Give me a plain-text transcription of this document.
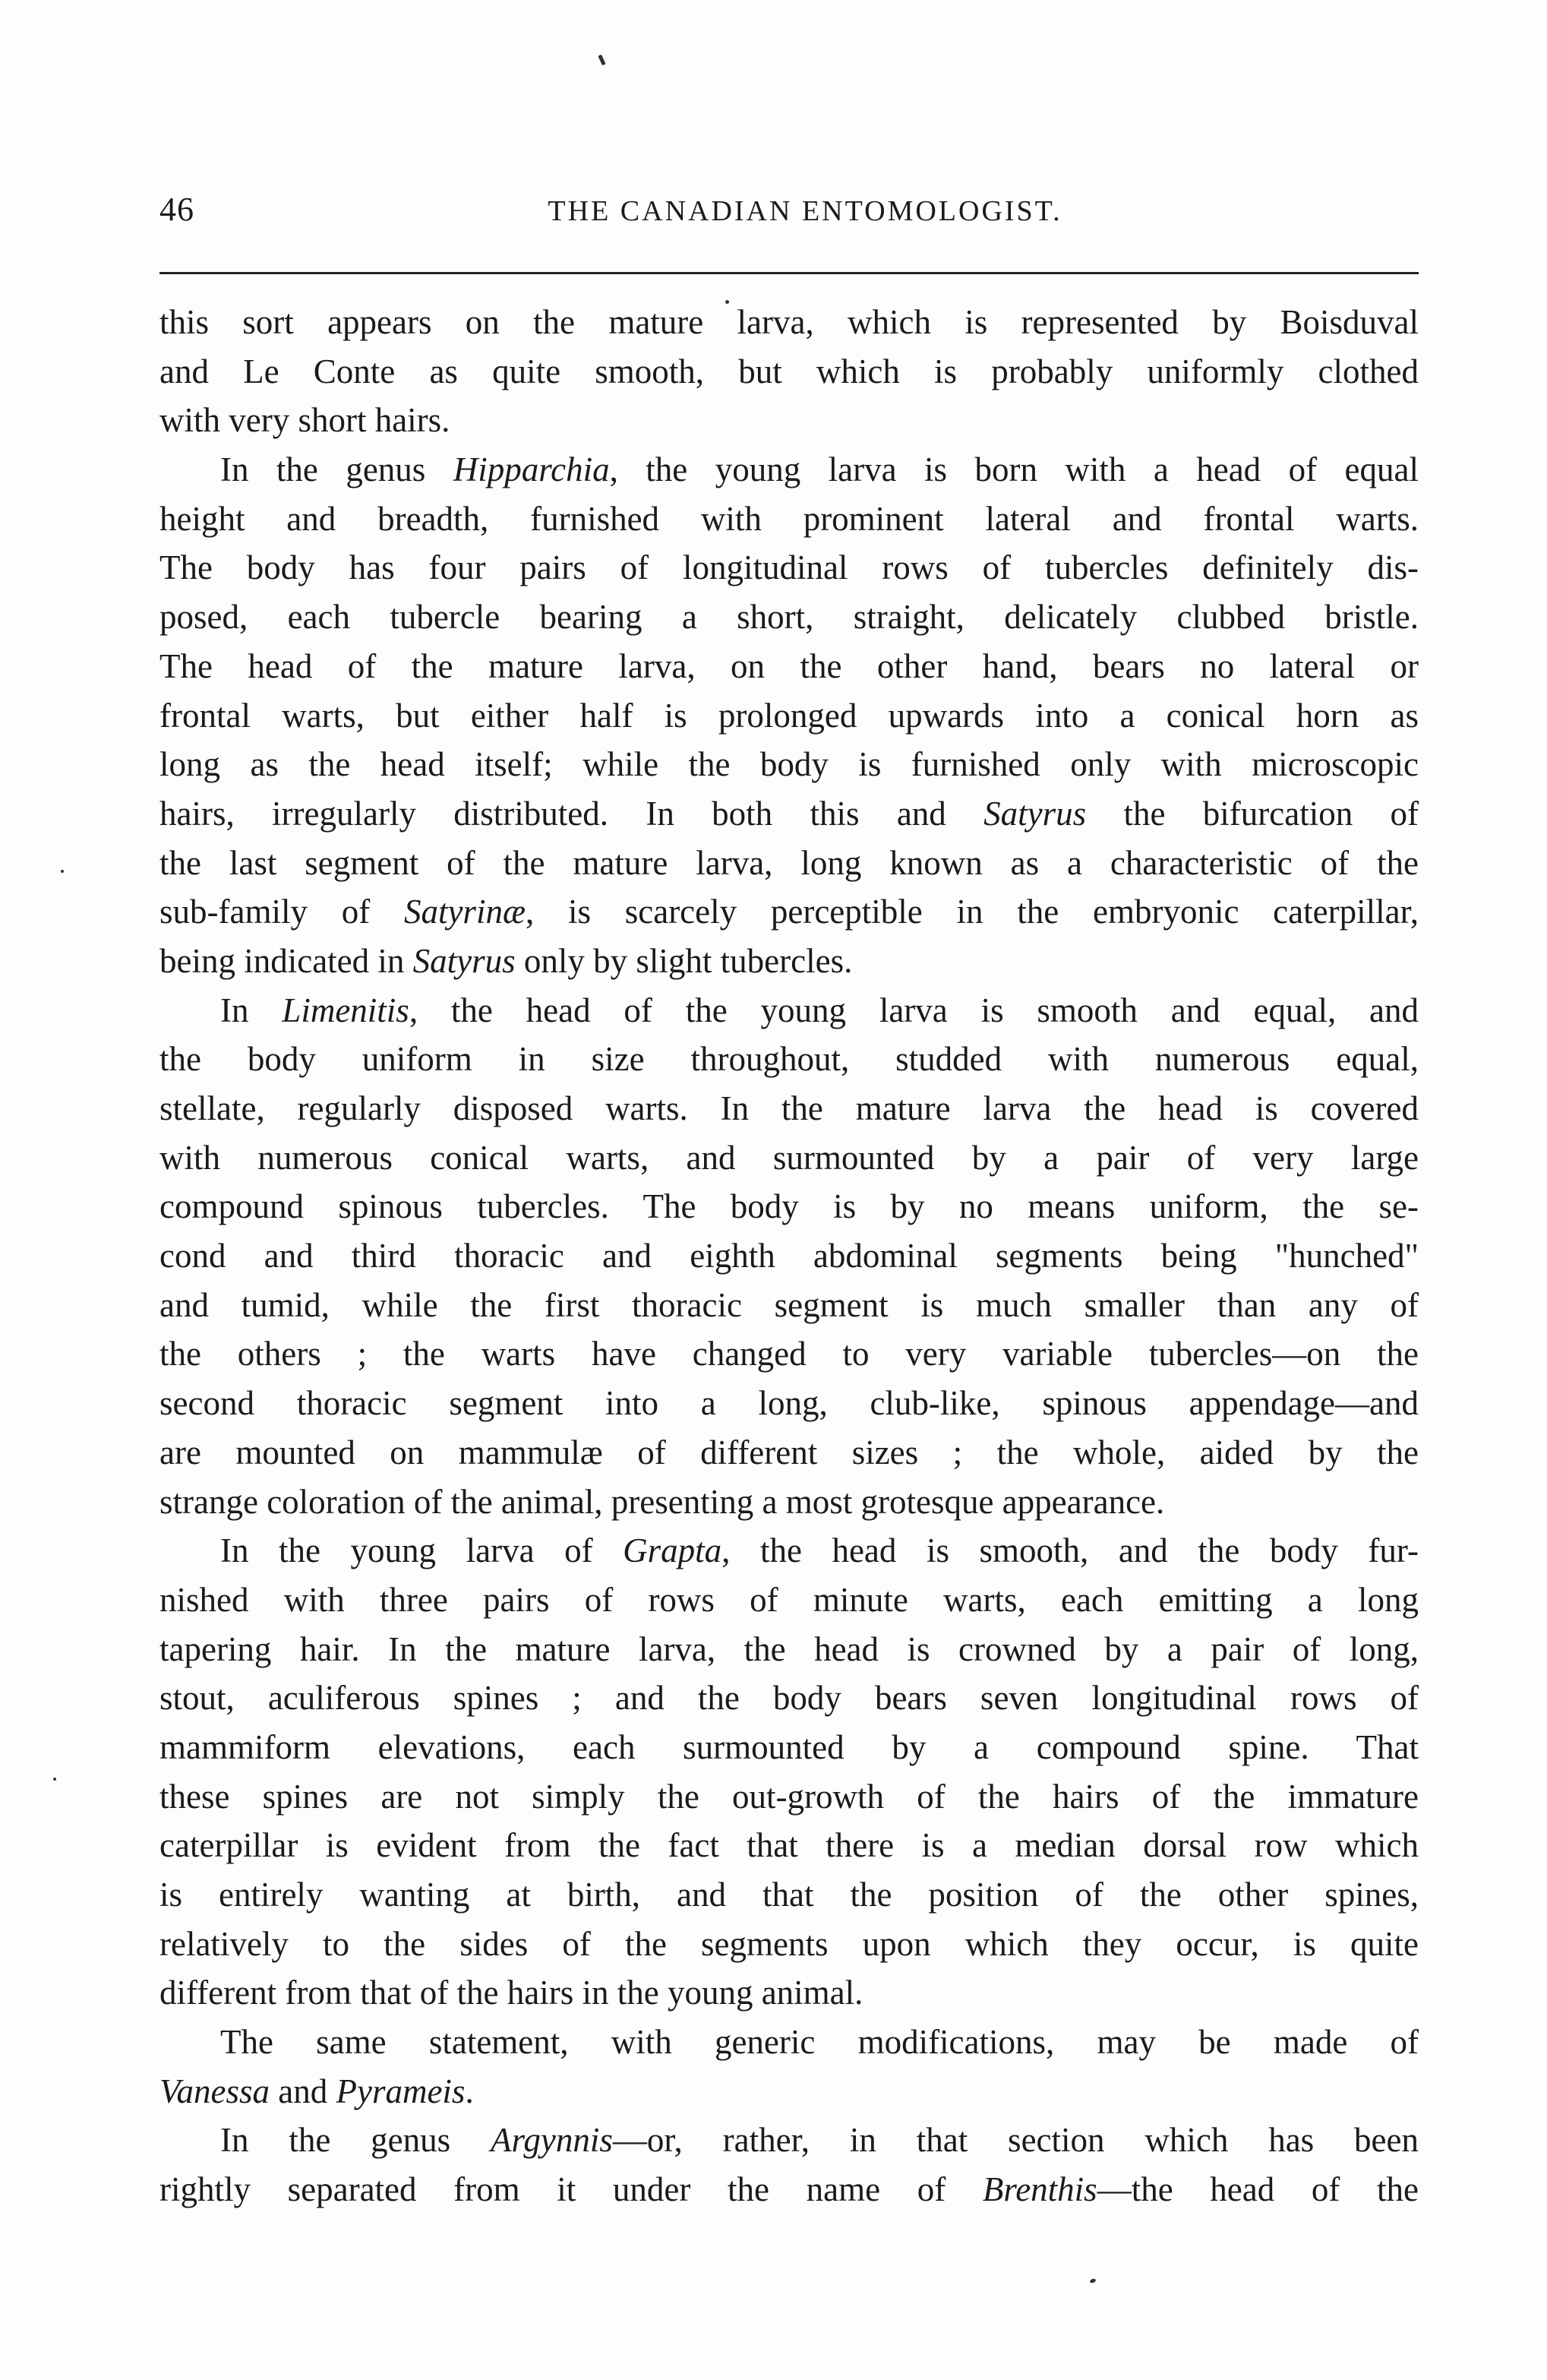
46	THE CANADIAN ENTOMOLOGIST.
this sort appears on the mature larva, which is represented by Boisduval
and Le Conte as quite smooth, but which is probably uniformly clothed
with very short hairs.
In the genus Hipparchia, the young larva is born with a head of equal
height and breadth, furnished with prominent lateral and frontal warts.
The body has four pairs of longitudinal rows of tubercles definitely dis-
posed, each tubercle bearing a short, straight, delicately clubbed bristle.
The head of the mature larva, on the other hand, bears no lateral or
frontal warts, but either half is prolonged upwards into a conical horn as
long as the head itself; while the body is furnished only with microscopic
hairs, irregularly distributed. In both this and Satyrus the bifurcation of
the last segment of the mature larva, long known as a characteristic of the
sub-family of Satyrinæ, is scarcely perceptible in the embryonic caterpillar,
being indicated in Satyrus only by slight tubercles.
In Limenitis, the head of the young larva is smooth and equal, and
the body uniform in size throughout, studded with numerous equal,
stellate, regularly disposed warts. In the mature larva the head is covered
with numerous conical warts, and surmounted by a pair of very large
compound spinous tubercles. The body is by no means uniform, the se-
cond and third thoracic and eighth abdominal segments being "hunched"
and tumid, while the first thoracic segment is much smaller than any of
the others ; the warts have changed to very variable tubercles—on the
second thoracic segment into a long, club-like, spinous appendage—and
are mounted on mammulæ of different sizes ; the whole, aided by the
strange coloration of the animal, presenting a most grotesque appearance.
In the young larva of Grapta, the head is smooth, and the body fur-
nished with three pairs of rows of minute warts, each emitting a long
tapering hair. In the mature larva, the head is crowned by a pair of long,
stout, aculiferous spines ; and the body bears seven longitudinal rows of
mammiform elevations, each surmounted by a compound spine. That
these spines are not simply the out-growth of the hairs of the immature
caterpillar is evident from the fact that there is a median dorsal row which
is entirely wanting at birth, and that the position of the other spines,
relatively to the sides of the segments upon which they occur, is quite
different from that of the hairs in the young animal.
The same statement, with generic modifications, may be made of
Vanessa and Pyrameis.
In the genus Argynnis—or, rather, in that section which has been
rightly separated from it under the name of Brenthis—the head of the
